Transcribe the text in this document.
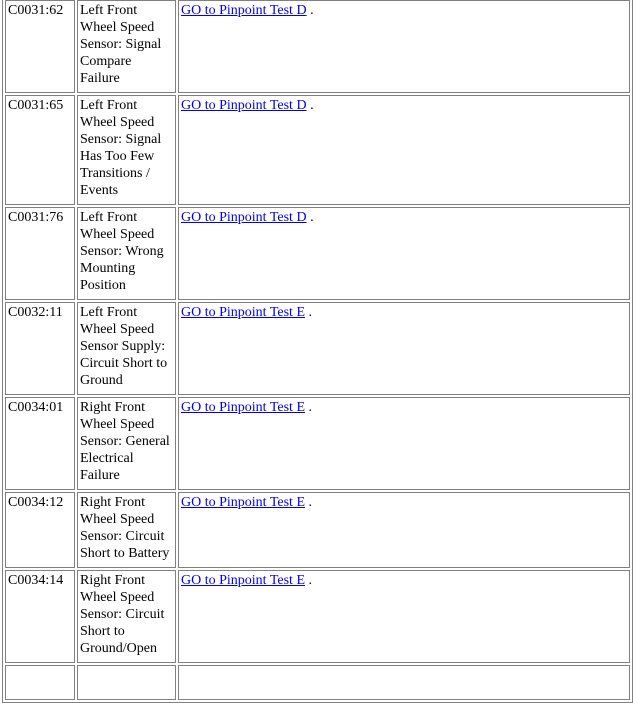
C0031:62	Left Front Wheel Speed Sensor: Signal Compare Failure	GO to Pinpoint Test D .
C0031:65	Left Front Wheel Speed Sensor: Signal Has Too Few Transitions / Events	GO to Pinpoint Test D .
C0031:76	Left Front Wheel Speed Sensor: Wrong Mounting Position	GO to Pinpoint Test D .
C0032:11	Left Front Wheel Speed Sensor Supply: Circuit Short to Ground	GO to Pinpoint Test E .
C0034:01	Right Front Wheel Speed Sensor: General Electrical Failure	GO to Pinpoint Test E .
C0034:12	Right Front Wheel Speed Sensor: Circuit Short to Battery	GO to Pinpoint Test E .
C0034:14	Right Front Wheel Speed Sensor: Circuit Short to Ground/Open	GO to Pinpoint Test E .
